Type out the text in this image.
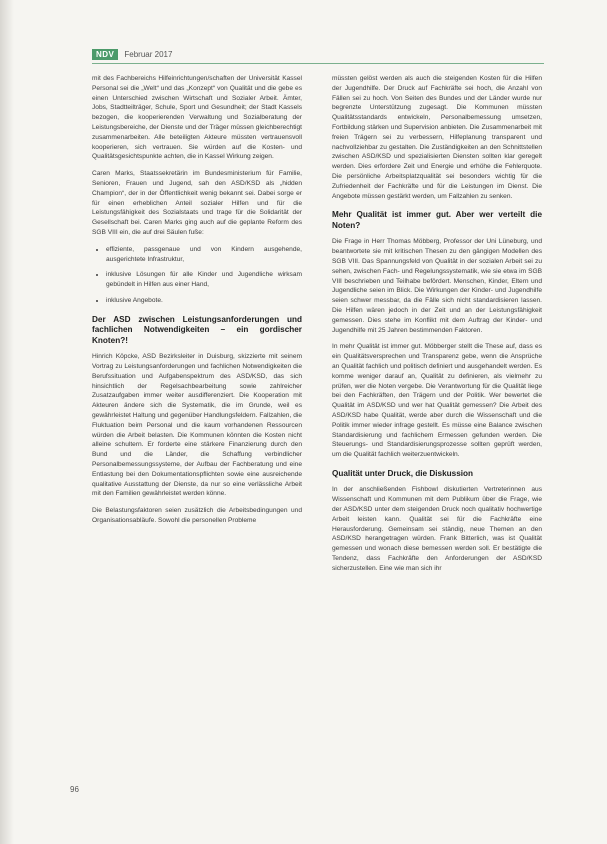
NDV	Februar 2017

mit des Fachbereichs Hilfeinrichtungen/schaften der Universität Kassel Personal sei die „Welt“ und das „Konzept“ von Qualität und die gebe es einen Unterschied zwischen Wirtschaft und Sozialer Arbeit. Ämter, Jobs, Stadtteilträger, Schule, Sport und Gesundheit; der Stadt Kassels bezogen, die kooperierenden Verwaltung und Sozialberatung der Leistungsbereiche, der Dienste und der Träger müssen gleichberechtigt zusammenarbeiten. Alle beteiligten Akteure müssten vertrauensvoll kooperieren, sich vertrauen. Sie würden auf die Kosten- und Qualitätsgesichtspunkte achten, die in Kassel Wirkung zeigen.

Caren Marks, Staatssekretärin im Bundesministerium für Familie, Senioren, Frauen und Jugend, sah den ASD/KSD als „hidden Champion“, der in der Öffentlichkeit wenig bekannt sei. Dabei sorge er für einen erheblichen Anteil sozialer Hilfen und für die Leistungsfähigkeit des Sozialstaats und trage für die Solidarität der Gesellschaft bei. Caren Marks ging auch auf die geplante Reform des SGB VIII ein, die auf drei Säulen fuße:

• effiziente, passgenaue und von Kindern ausgehende, ausgerichtete Infrastruktur,
• inklusive Lösungen für alle Kinder und Jugendliche wirksam gebündelt in Hilfen aus einer Hand,
• inklusive Angebote.
Der ASD zwischen Leistungsanforderungen und fachlichen Notwendigkeiten – ein gordischer Knoten?!

Hinrich Köpcke, ASD Bezirksleiter in Duisburg, skizzierte mit seinem Vortrag zu Leistungsanforderungen und fachlichen Notwendigkeiten die Berufssituation und Aufgabenspektrum des ASD/KSD, das sich hinsichtlich der Regelsachbearbeitung sowie zahlreicher Zusatzaufgaben immer weiter ausdifferenziert. Die Kooperation mit Akteuren ändere sich die Systematik, die im Grunde, weil es gewährleistet Haltung und gegenüber Handlungsfeldern. Fallzahlen, die Fluktuation beim Personal und die kaum vorhandenen Ressourcen würden die Arbeit belasten. Die Kommunen könnten die Kosten nicht alleine schultern. Er forderte eine stärkere Finanzierung durch den Bund und die Länder, die Schaffung verbindlicher Personalbemessungssysteme, der Aufbau der Fachberatung und eine Entlastung bei den Dokumentationspflichten sowie eine ausreichende qualitative Ausstattung der Dienste, da nur so eine verlässliche Arbeit mit den Familien gewährleistet werden könne.

Die Belastungsfaktoren seien zusätzlich die Arbeitsbedingungen und Organisationsabläufe. Sowohl die personellen Probleme

müssten gelöst werden als auch die steigenden Kosten für die Hilfen der Jugendhilfe. Der Druck auf Fachkräfte sei hoch, die Anzahl von Fällen sei zu hoch. Von Seiten des Bundes und der Länder wurde nur begrenzte Unterstützung zugesagt. Die Kommunen müssten Qualitätsstandards entwickeln, Personalbemessung umsetzen, Fortbildung stärken und Supervision anbieten. Die Zusammenarbeit mit freien Trägern sei zu verbessern, Hilfeplanung transparent und nachvollziehbar zu gestalten. Die Zuständigkeiten an den Schnittstellen zwischen ASD/KSD und spezialisierten Diensten sollten klar geregelt werden. Dies erfordere Zeit und Energie und erhöhe die Fehlerquote. Die persönliche Arbeitsplatzqualität sei besonders wichtig für die Zufriedenheit der Fachkräfte und für die Leistungen im Dienst. Die Angebote müssen gestärkt werden, um Fallzahlen zu senken.

Mehr Qualität ist immer gut. Aber wer verteilt die Noten?

Die Frage in Herr Thomas Möbberg, Professor der Uni Lüneburg, und beantwortete sie mit kritischen Thesen zu den gängigen Modellen des SGB VIII. Das Spannungsfeld von Qualität in der sozialen Arbeit sei zu sehen, zwischen Fach- und Regelungssystematik, wie sie etwa im SGB VIII beschrieben und Teilhabe befördert. Menschen, Kinder, Eltern und Jugendliche seien im Blick. Die Wirkungen der Kinder- und Jugendhilfe seien schwer messbar, da die Fälle sich nicht standardisieren lassen. Die Hilfen wären jedoch in der Zeit und an der Leistungsfähigkeit gemessen. Dies stehe im Konflikt mit dem Auftrag der Kinder- und Jugendhilfe mit 25 Jahren bestimmenden Faktoren.

In mehr Qualität ist immer gut. Möbberger stellt die These auf, dass es ein Qualitätsversprechen und Transparenz gebe, wenn die Ansprüche an Qualität fachlich und politisch definiert und ausgehandelt werden. Es komme weniger darauf an, Qualität zu definieren, als vielmehr zu prüfen, wer die Noten vergebe. Die Verantwortung für die Qualität liege bei den Fachkräften, den Trägern und der Politik. Wer bewertet die Qualität im ASD/KSD und wer hat Qualität gemessen? Die Arbeit des ASD/KSD habe Qualität, werde aber durch die Wissenschaft und die Politik immer wieder infrage gestellt. Es müsse eine Balance zwischen Standardisierung und fachlichem Ermessen gefunden werden. Die Steuerungs- und Standardisierungsprozesse sollten geprüft werden, um die Qualität fachlich weiterzuentwickeln.

Qualität unter Druck, die Diskussion

In der anschließenden Fishbowl diskutierten Vertreterinnen aus Wissenschaft und Kommunen mit dem Publikum über die Frage, wie der ASD/KSD unter dem steigenden Druck noch qualitativ hochwertige Arbeit leisten kann. Qualität sei für die Fachkräfte eine Herausforderung. Gemeinsam sei ständig, neue Themen an den ASD/KSD herangetragen würden. Frank Bitterlich, was ist Qualität gemessen und wonach diese bemessen werden soll. Er bestätigte die Tendenz, dass Fachkräfte den Anforderungen der ASD/KSD sicherzustellen. Eine wie man sich ihr

96
